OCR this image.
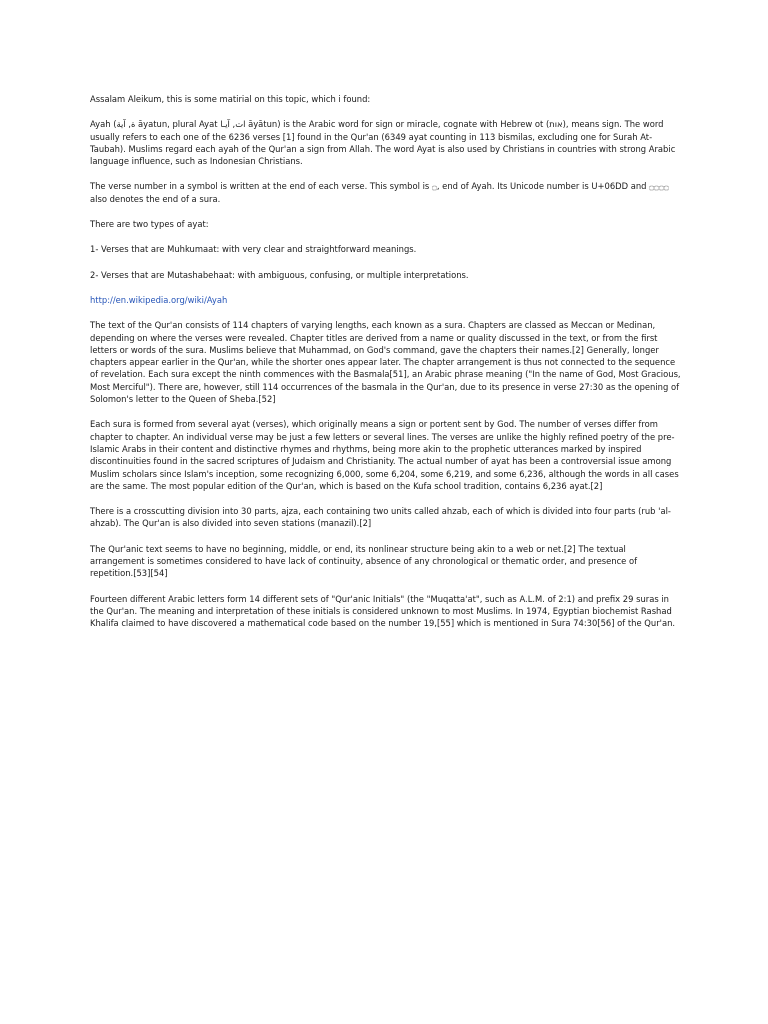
Assalam Aleikum, this is some matirial on this topic, which i found:

Ayah (ة, آية āyatun, plural Ayat ات, آيـا āyātun) is the Arabic word for sign or miracle, cognate with Hebrew ot (אות), means sign. The word usually refers to each one of the 6236 verses [1] found in the Qur'an (6349 ayat counting in 113 bismilas, excluding one for Surah At-Taubah). Muslims regard each ayah of the Qur'an a sign from Allah. The word Ayat is also used by Christians in countries with strong Arabic language influence, such as Indonesian Christians.

The verse number in a symbol is written at the end of each verse. This symbol is ۝, end of Ayah. Its Unicode number is U+06DD and ۝۝۝۝ also denotes the end of a sura.

There are two types of ayat:

1- Verses that are Muhkumaat: with very clear and straightforward meanings.

2- Verses that are Mutashabehaat: with ambiguous, confusing, or multiple interpretations.

http://en.wikipedia.org/wiki/Ayah

The text of the Qur'an consists of 114 chapters of varying lengths, each known as a sura. Chapters are classed as Meccan or Medinan, depending on where the verses were revealed. Chapter titles are derived from a name or quality discussed in the text, or from the first letters or words of the sura. Muslims believe that Muhammad, on God's command, gave the chapters their names.[2] Generally, longer chapters appear earlier in the Qur'an, while the shorter ones appear later. The chapter arrangement is thus not connected to the sequence of revelation. Each sura except the ninth commences with the Basmala[51], an Arabic phrase meaning ("In the name of God, Most Gracious, Most Merciful"). There are, however, still 114 occurrences of the basmala in the Qur'an, due to its presence in verse 27:30 as the opening of Solomon's letter to the Queen of Sheba.[52]

Each sura is formed from several ayat (verses), which originally means a sign or portent sent by God. The number of verses differ from chapter to chapter. An individual verse may be just a few letters or several lines. The verses are unlike the highly refined poetry of the pre-Islamic Arabs in their content and distinctive rhymes and rhythms, being more akin to the prophetic utterances marked by inspired discontinuities found in the sacred scriptures of Judaism and Christianity. The actual number of ayat has been a controversial issue among Muslim scholars since Islam's inception, some recognizing 6,000, some 6,204, some 6,219, and some 6,236, although the words in all cases are the same. The most popular edition of the Qur'an, which is based on the Kufa school tradition, contains 6,236 ayat.[2]

There is a crosscutting division into 30 parts, ajza, each containing two units called ahzab, each of which is divided into four parts (rub 'al-ahzab). The Qur'an is also divided into seven stations (manazil).[2]

The Qur'anic text seems to have no beginning, middle, or end, its nonlinear structure being akin to a web or net.[2] The textual arrangement is sometimes considered to have lack of continuity, absence of any chronological or thematic order, and presence of repetition.[53][54]

Fourteen different Arabic letters form 14 different sets of "Qur'anic Initials" (the "Muqatta'at", such as A.L.M. of 2:1) and prefix 29 suras in the Qur'an. The meaning and interpretation of these initials is considered unknown to most Muslims. In 1974, Egyptian biochemist Rashad Khalifa claimed to have discovered a mathematical code based on the number 19,[55] which is mentioned in Sura 74:30[56] of the Qur'an.
